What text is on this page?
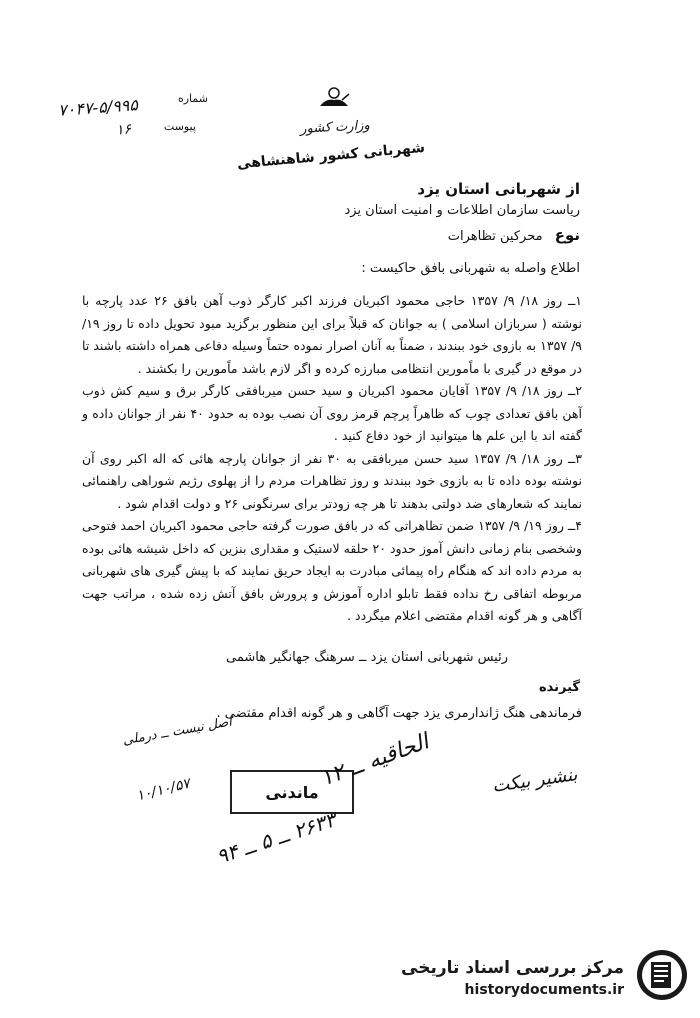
۷۰۴۷-۵/۹۹۵	شماره
۱۶	پیوست	وزارت کشور
شهربانی کشور شاهنشاهی
از شهربانی استان یزد
ریاست سازمان اطلاعات و امنیت استان یزد
نوع محرکین تظاهرات
اطلاع واصله به شهربانی بافق حاکیست :

۱ــ روز ۱۸/ ۹/ ۱۳۵۷ حاجی محمود اکبریان فرزند اکبر کارگر ذوب آهن بافق ۲۶ عدد پارچه با نوشته ( سربازان اسلامی ) به جوانان که قبلاً برای این منظور برگزید مبود تحویل داده تا روز ۱۹/ ۹/ ۱۳۵۷ به بازوی خود ببندند ، ضمناً به آنان اصرار نموده حتماً وسیله دفاعی همراه داشته باشند تا در موقع در گیری با ماًمورین انتظامی مبارزه کرده و اگر لازم باشد ماًمورین را بکشند .

۲ــ روز ۱۸/ ۹/ ۱۳۵۷ آقایان محمود اکبریان و سید حسن میربافقی کارگر برق و سیم کش ذوب آهن بافق تعدادی چوب که ظاهراً پرچم قرمز روی آن نصب بوده به حدود ۴۰ نفر از جوانان داده و گفته اند با این علم ها میتوانید از خود دفاع کنید .

۳ــ روز ۱۸/ ۹/ ۱۳۵۷ سید حسن میربافقی به ۳۰ نفر از جوانان پارچه هائی که اله اکبر روی آن نوشته بوده داده تا به بازوی خود ببندند و روز تظاهرات مردم را از پهلوی رژیم شوراهی راهنمائی نمایند که شعارهای ضد دولتی بدهند تا هر چه زودتر برای سرنگونی ۲۶ و دولت اقدام شود .

۴ــ روز ۱۹/ ۹/ ۱۳۵۷ ضمن تظاهراتی که در بافق صورت گرفته حاجی محمود اکبریان احمد فتوحی وشخصی بنام زمانی دانش آموز حدود ۲۰ حلقه لاستیک و مقداری بنزین که داخل شیشه هائی بوده به مردم داده اند که هنگام راه پیمائی مبادرت به ایجاد حریق نمایند که با پیش گیری های شهربانی مربوطه اتفاقی رخ نداده فقط تابلو اداره آموزش و پرورش بافق آتش زده شده ، مراتب جهت آگاهی و هر گونه اقدام مقتضی اعلام میگردد .

رئیس شهربانی استان یزد ــ سرهنگ جهانگیر هاشمی
گیرنده
فرماندهی هنگ ژاندارمری یزد جهت آگاهی و هر گونه اقدام مقتضی .
اصل نیست ــ درملی
۱۰/۱۰/۵۷	ماندنی
الحاقیه ــ ۱۲
۲۶۳۳ ــ ۵ ــ ۹۴
بنشیر بیکت
مرکز بررسی اسناد تاریخی
historydocuments.ir
